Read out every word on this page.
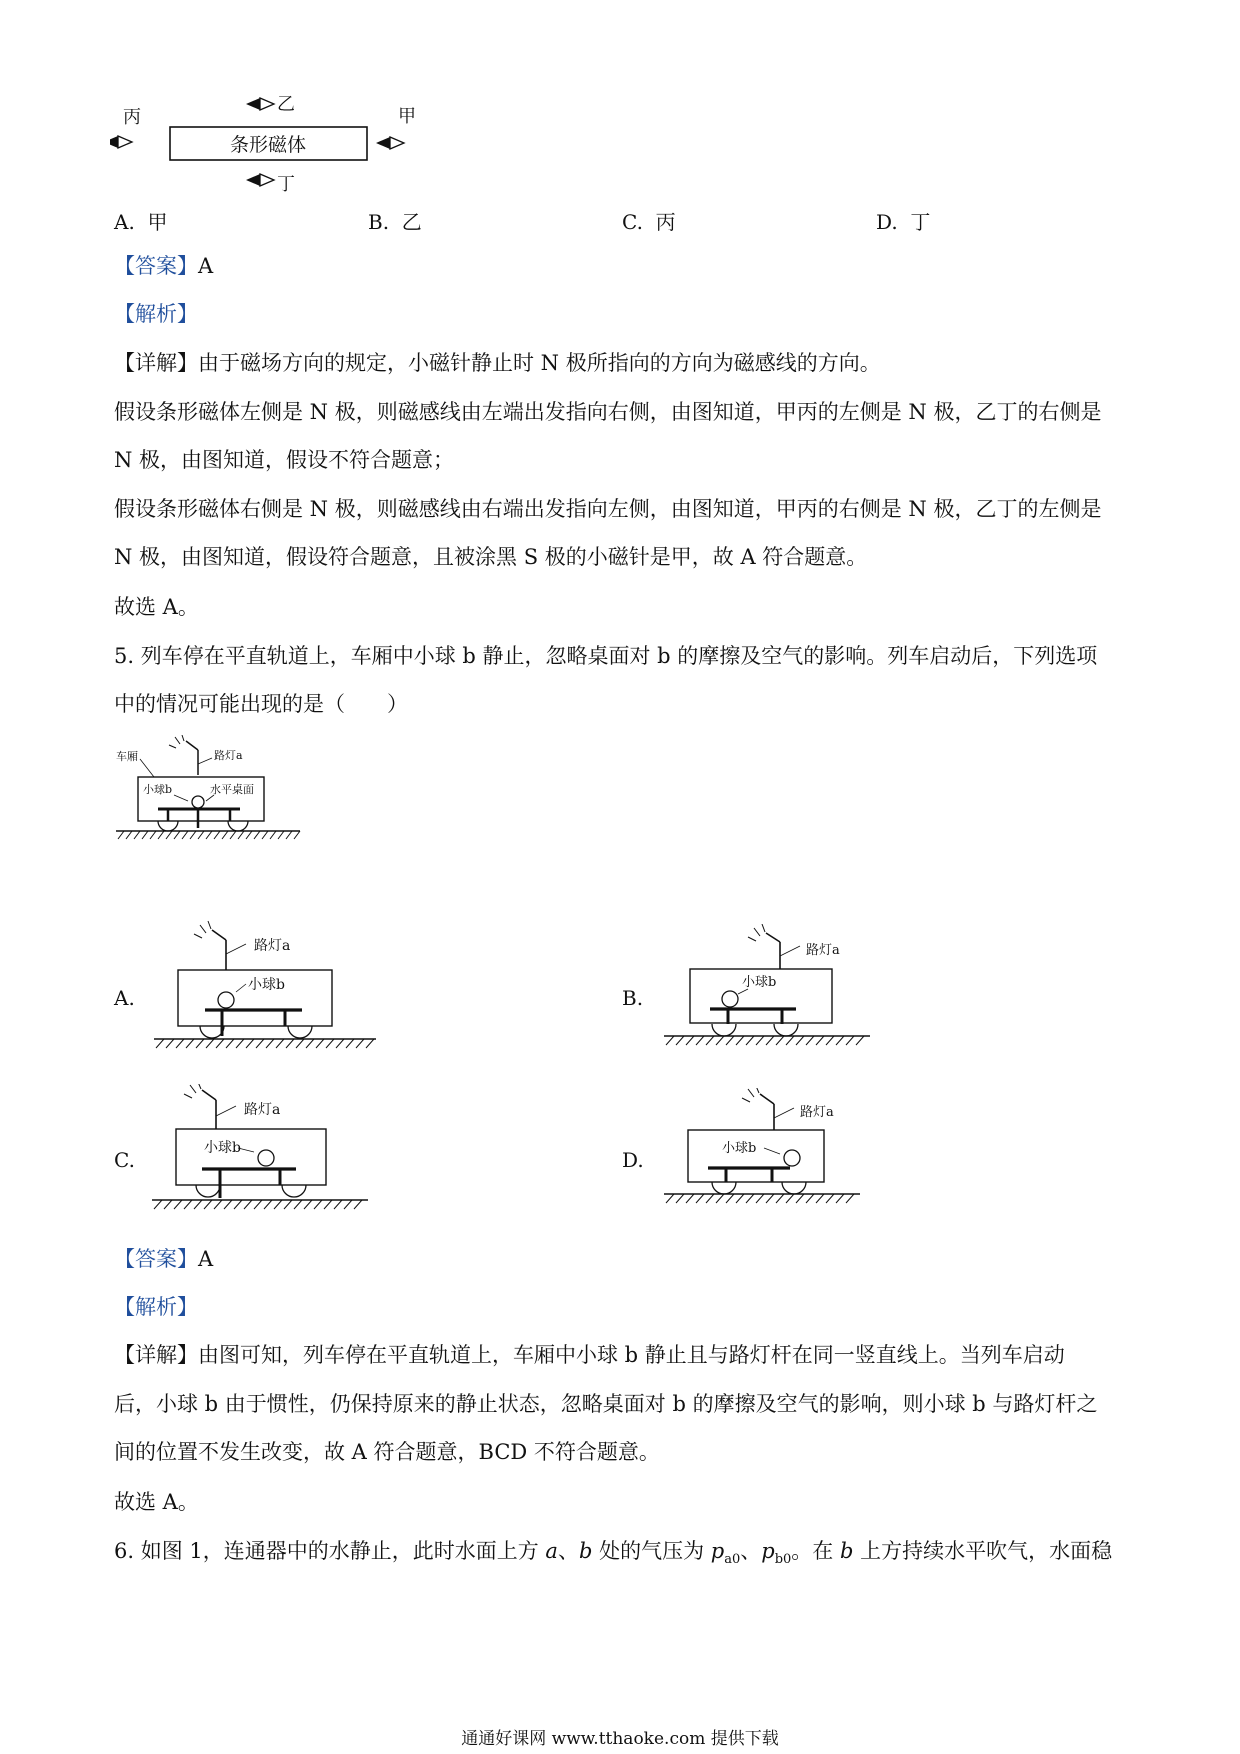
条形磁体
丙
乙
甲
丁
A. 甲	B. 乙	C. 丙	D. 丁
【答案】A
【解析】
【详解】由于磁场方向的规定，小磁针静止时 N 极所指向的方向为磁感线的方向。
假设条形磁体左侧是 N 极，则磁感线由左端出发指向右侧，由图知道，甲丙的左侧是 N 极，乙丁的右侧是
N 极，由图知道，假设不符合题意；
假设条形磁体右侧是 N 极，则磁感线由右端出发指向左侧，由图知道，甲丙的右侧是 N 极，乙丁的左侧是
N 极，由图知道，假设符合题意，且被涂黑 S 极的小磁针是甲，故 A 符合题意。
故选 A。
5. 列车停在平直轨道上，车厢中小球 b 静止，忽略桌面对 b 的摩擦及空气的影响。列车启动后，下列选项
中的情况可能出现的是（　　）
路灯a
车厢
小球b	水平桌面
A.
路灯a
小球b
B.
路灯a
小球b
C.
路灯a
小球b	D.
路灯a
小球b
【答案】A
【解析】
【详解】由图可知，列车停在平直轨道上，车厢中小球 b 静止且与路灯杆在同一竖直线上。当列车启动
后，小球 b 由于惯性，仍保持原来的静止状态，忽略桌面对 b 的摩擦及空气的影响，则小球 b 与路灯杆之
间的位置不发生改变，故 A 符合题意，BCD 不符合题意。
故选 A。
6. 如图 1，连通器中的水静止，此时水面上方 a、b 处的气压为 $p_{a0}$、$p_{b0}$。在 b 上方持续水平吹气，水面稳
通通好课网 www.tthaoke.com 提供下载
